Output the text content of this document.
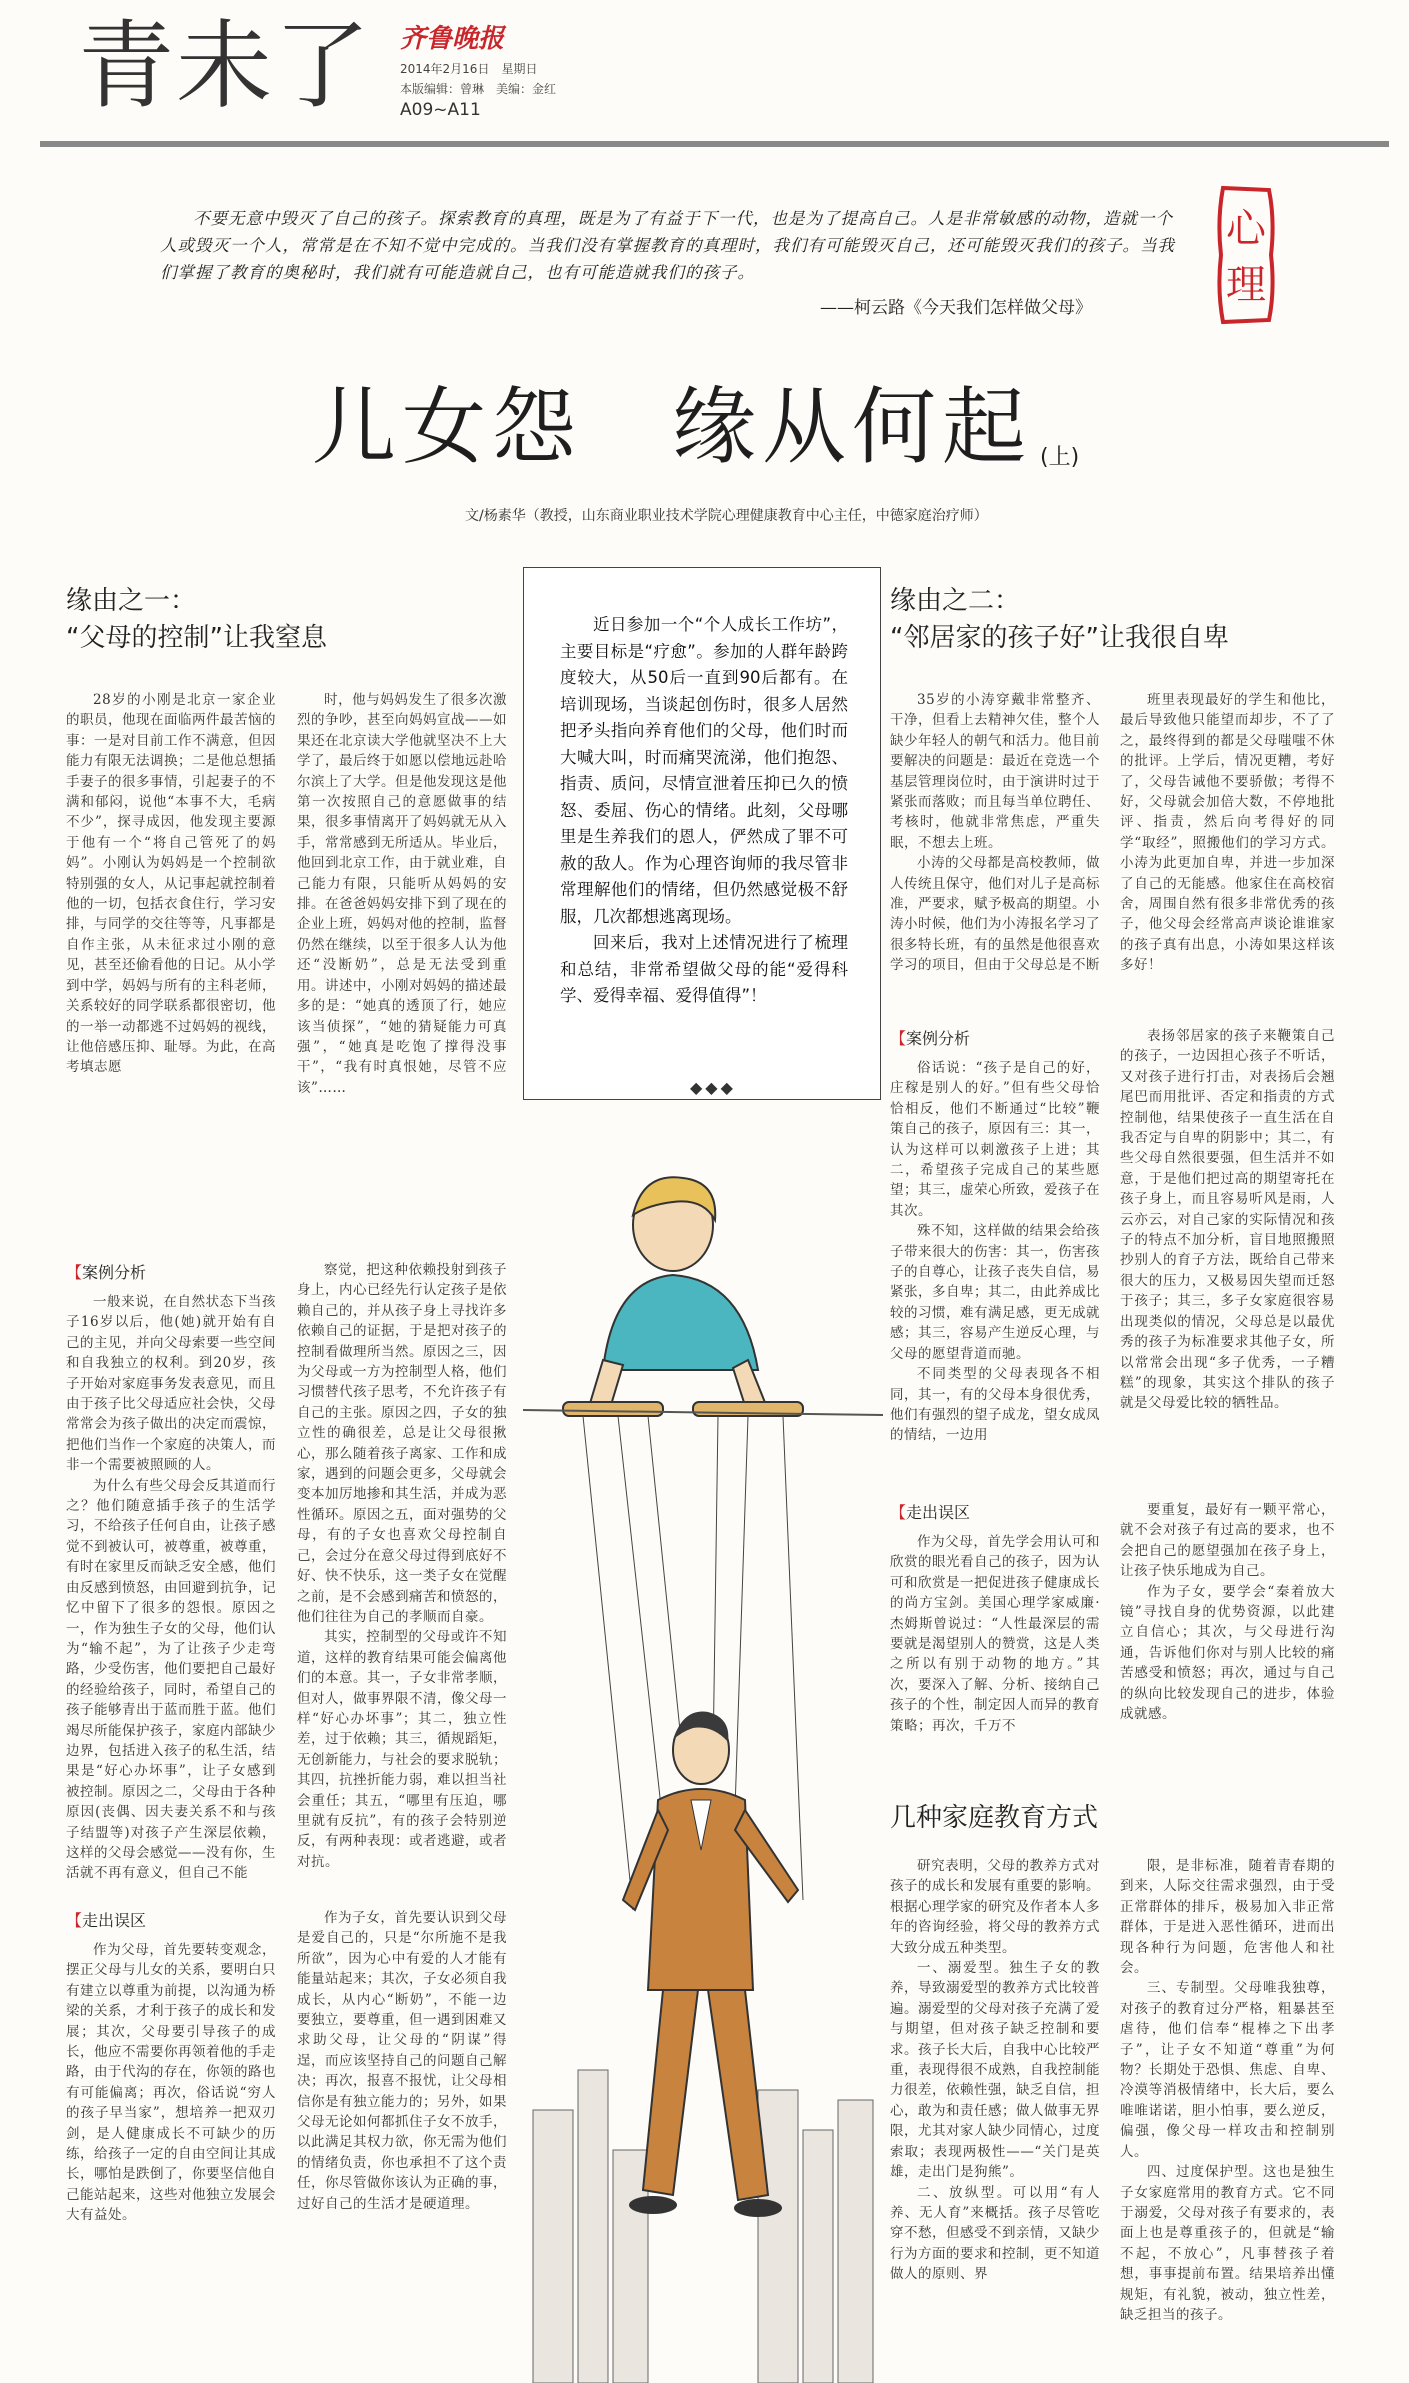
青未了 齐鲁晚报
2014年2月16日　星期日
本版编辑：曾琳　美编：金红
A09~A11
不要无意中毁灭了自己的孩子。探索教育的真理，既是为了有益于下一代，也是为了提高自己。人是非常敏感的动物，造就一个人或毁灭一个人，常常是在不知不觉中完成的。当我们没有掌握教育的真理时，我们有可能毁灭自己，还可能毁灭我们的孩子。当我们掌握了教育的奥秘时，我们就有可能造就自己，也有可能造就我们的孩子。
——柯云路《今天我们怎样做父母》
心
理
儿女怨　缘从何起 (上)
文/杨素华（教授，山东商业职业技术学院心理健康教育中心主任，中德家庭治疗师）
缘由之一：
“父母的控制”让我窒息

28岁的小刚是北京一家企业的职员，他现在面临两件最苦恼的事：一是对目前工作不满意，但因能力有限无法调换；二是他总想插手妻子的很多事情，引起妻子的不满和郁闷，说他“本事不大，毛病不少”，探寻成因，他发现主要源于他有一个“将自己管死了的妈妈”。小刚认为妈妈是一个控制欲特别强的女人，从记事起就控制着他的一切，包括衣食住行，学习安排，与同学的交往等等，凡事都是自作主张，从未征求过小刚的意见，甚至还偷看他的日记。从小学到中学，妈妈与所有的主科老师，关系较好的同学联系都很密切，他的一举一动都逃不过妈妈的视线，让他倍感压抑、耻辱。为此，在高考填志愿

时，他与妈妈发生了很多次激烈的争吵，甚至向妈妈宣战——如果还在北京读大学他就坚决不上大学了，最后终于如愿以偿地远赴哈尔滨上了大学。但是他发现这是他第一次按照自己的意愿做事的结果，很多事情离开了妈妈就无从入手，常常感到无所适从。毕业后，他回到北京工作，由于就业难，自己能力有限，只能听从妈妈的安排。在爸爸妈妈安排下到了现在的企业上班，妈妈对他的控制，监督仍然在继续，以至于很多人认为他还“没断奶”，总是无法受到重用。讲述中，小刚对妈妈的描述最多的是：“她真的透顶了行，她应该当侦探”，“她的猜疑能力可真强”，“她真是吃饱了撑得没事干”，“我有时真恨她，尽管不应该”……

【案例分析

一般来说，在自然状态下当孩子16岁以后，他(她)就开始有自己的主见，并向父母索要一些空间和自我独立的权利。到20岁，孩子开始对家庭事务发表意见，而且由于孩子比父母适应社会快，父母常常会为孩子做出的决定而震惊，把他们当作一个家庭的决策人，而非一个需要被照顾的人。

为什么有些父母会反其道而行之？他们随意插手孩子的生活学习，不给孩子任何自由，让孩子感觉不到被认可，被尊重，被尊重，有时在家里反而缺乏安全感，他们由反感到愤怒，由回避到抗争，记忆中留下了很多的怨恨。原因之一，作为独生子女的父母，他们认为“输不起”，为了让孩子少走弯路，少受伤害，他们要把自己最好的经验给孩子，同时，希望自己的孩子能够青出于蓝而胜于蓝。他们竭尽所能保护孩子，家庭内部缺少边界，包括进入孩子的私生活，结果是“好心办坏事”，让子女感到被控制。原因之二，父母由于各种原因(丧偶、因夫妻关系不和与孩子结盟等)对孩子产生深层依赖，这样的父母会感觉——没有你，生活就不再有意义，但自己不能

察觉，把这种依赖投射到孩子身上，内心已经先行认定孩子是依赖自己的，并从孩子身上寻找许多依赖自己的证据，于是把对孩子的控制看做理所当然。原因之三，因为父母或一方为控制型人格，他们习惯替代孩子思考，不允许孩子有自己的主张。原因之四，子女的独立性的确很差，总是让父母很揪心，那么随着孩子离家、工作和成家，遇到的问题会更多，父母就会变本加厉地掺和其生活，并成为恶性循环。原因之五，面对强势的父母，有的子女也喜欢父母控制自己，会过分在意父母过得到底好不好、快不快乐，这一类子女在觉醒之前，是不会感到痛苦和愤怒的，他们往往为自己的孝顺而自豪。

其实，控制型的父母或许不知道，这样的教育结果可能会偏离他们的本意。其一，子女非常孝顺，但对人，做事界限不清，像父母一样“好心办坏事”；其二，独立性差，过于依赖；其三，循规蹈矩，无创新能力，与社会的要求脱轨；其四，抗挫折能力弱，难以担当社会重任；其五，“哪里有压迫，哪里就有反抗”，有的孩子会特别逆反，有两种表现：或者逃避，或者对抗。

【走出误区

作为父母，首先要转变观念，摆正父母与儿女的关系，要明白只有建立以尊重为前提，以沟通为桥梁的关系，才利于孩子的成长和发展；其次，父母要引导孩子的成长，他应不需要你再领着他的手走路，由于代沟的存在，你领的路也有可能偏离；再次，俗话说“穷人的孩子早当家”，想培养一把双刃剑，是人健康成长不可缺少的历练，给孩子一定的自由空间让其成长，哪怕是跌倒了，你要坚信他自己能站起来，这些对他独立发展会大有益处。

作为子女，首先要认识到父母是爱自己的，只是“尔所施不是我所欲”，因为心中有爱的人才能有能量站起来；其次，子女必须自我成长，从内心“断奶”，不能一边要独立，要尊重，但一遇到困难又求助父母，让父母的“阴谋”得逞，而应该坚持自己的问题自己解决；再次，报喜不报忧，让父母相信你是有独立能力的；另外，如果父母无论如何都抓住子女不放手，以此满足其权力欲，你无需为他们的情绪负责，你也承担不了这个责任，你尽管做你该认为正确的事，过好自己的生活才是硬道理。

近日参加一个“个人成长工作坊”，主要目标是“疗愈”。参加的人群年龄跨度较大，从50后一直到90后都有。在培训现场，当谈起创伤时，很多人居然把矛头指向养育他们的父母，他们时而大喊大叫，时而痛哭流涕，他们抱怨、指责、质问，尽情宣泄着压抑已久的愤怒、委屈、伤心的情绪。此刻，父母哪里是生养我们的恩人，俨然成了罪不可赦的敌人。作为心理咨询师的我尽管非常理解他们的情绪，但仍然感觉极不舒服，几次都想逃离现场。

回来后，我对上述情况进行了梳理和总结，非常希望做父母的能“爱得科学、爱得幸福、爱得值得”！

◆◆◆
缘由之二：
“邻居家的孩子好”让我很自卑

35岁的小涛穿戴非常整齐、干净，但看上去精神欠佳，整个人缺少年轻人的朝气和活力。他目前要解决的问题是：最近在竞选一个基层管理岗位时，由于演讲时过于紧张而落败；而且每当单位聘任、考核时，他就非常焦虑，严重失眠，不想去上班。

小涛的父母都是高校教师，做人传统且保守，他们对儿子是高标准，严要求，赋予极高的期望。小涛小时候，他们为小涛报名学习了很多特长班，有的虽然是他很喜欢学习的项目，但由于父母总是不断

班里表现最好的学生和他比，最后导致他只能望而却步，不了了之，最终得到的都是父母嗤嗤不休的批评。上学后，情况更糟，考好了，父母告诫他不要骄傲；考得不好，父母就会加倍大数，不停地批评、指责，然后向考得好的同学“取经”，照搬他们的学习方式。小涛为此更加自卑，并进一步加深了自己的无能感。他家住在高校宿舍，周围自然有很多非常优秀的孩子，他父母会经常高声谈论谁谁家的孩子真有出息，小涛如果这样该多好！

【案例分析

俗话说：“孩子是自己的好，庄稼是别人的好。”但有些父母恰恰相反，他们不断通过“比较”鞭策自己的孩子，原因有三：其一，认为这样可以刺激孩子上进；其二，希望孩子完成自己的某些愿望；其三，虚荣心所致，爱孩子在其次。

殊不知，这样做的结果会给孩子带来很大的伤害：其一，伤害孩子的自尊心，让孩子丧失自信，易紧张，多自卑；其二，由此养成比较的习惯，难有满足感，更无成就感；其三，容易产生逆反心理，与父母的愿望背道而驰。

不同类型的父母表现各不相同，其一，有的父母本身很优秀，他们有强烈的望子成龙，望女成凤的情结，一边用

表扬邻居家的孩子来鞭策自己的孩子，一边因担心孩子不听话，又对孩子进行打击，对表扬后会翘尾巴而用批评、否定和指责的方式控制他，结果使孩子一直生活在自我否定与自卑的阴影中；其二，有些父母自然很要强，但生活并不如意，于是他们把过高的期望寄托在孩子身上，而且容易听风是雨，人云亦云，对自己家的实际情况和孩子的特点不加分析，盲目地照搬照抄别人的育子方法，既给自己带来很大的压力，又极易因失望而迁怒于孩子；其三，多子女家庭很容易出现类似的情况，父母总是以最优秀的孩子为标准要求其他子女，所以常常会出现“多子优秀，一子糟糕”的现象，其实这个排队的孩子就是父母爱比较的牺牲品。

【走出误区

作为父母，首先学会用认可和欣赏的眼光看自己的孩子，因为认可和欣赏是一把促进孩子健康成长的尚方宝剑。美国心理学家威廉·杰姆斯曾说过：“人性最深层的需要就是渴望别人的赞赏，这是人类之所以有别于动物的地方。”其次，要深入了解、分析、接纳自己孩子的个性，制定因人而异的教育策略；再次，千万不

要重复，最好有一颗平常心，就不会对孩子有过高的要求，也不会把自己的愿望强加在孩子身上，让孩子快乐地成为自己。

作为子女，要学会“秦着放大镜”寻找自身的优势资源，以此建立自信心；其次，与父母进行沟通，告诉他们你对与别人比较的痛苦感受和愤怒；再次，通过与自己的纵向比较发现自己的进步，体验成就感。

几种家庭教育方式

研究表明，父母的教养方式对孩子的成长和发展有重要的影响。根据心理学家的研究及作者本人多年的咨询经验，将父母的教养方式大致分成五种类型。

一、溺爱型。独生子女的教养，导致溺爱型的教养方式比较普遍。溺爱型的父母对孩子充满了爱与期望，但对孩子缺乏控制和要求。孩子长大后，自我中心比较严重，表现得很不成熟，自我控制能力很差，依赖性强，缺乏自信，担心，敢为和责任感；做人做事无界限，尤其对家人缺少同情心，过度索取；表现两极性——“关门是英雄，走出门是狗熊”。

二、放纵型。可以用“有人养、无人育”来概括。孩子尽管吃穿不愁，但感受不到亲情，又缺少行为方面的要求和控制，更不知道做人的原则、界

限，是非标准，随着青春期的到来，人际交往需求强烈，由于受正常群体的排斥，极易加入非正常群体，于是进入恶性循环，进而出现各种行为问题，危害他人和社会。

三、专制型。父母唯我独尊，对孩子的教育过分严格，粗暴甚至虐待，他们信奉“棍棒之下出孝子”，让子女不知道“尊重”为何物？长期处于恐惧、焦虑、自卑、冷漠等消极情绪中，长大后，要么唯唯诺诺，胆小怕事，要么逆反，偏强，像父母一样攻击和控制别人。

四、过度保护型。这也是独生子女家庭常用的教育方式。它不同于溺爱，父母对孩子有要求的，表面上也是尊重孩子的，但就是“输不起，不放心”，凡事替孩子着想，事事提前布置。结果培养出懂规矩，有礼貌，被动，独立性差，缺乏担当的孩子。
